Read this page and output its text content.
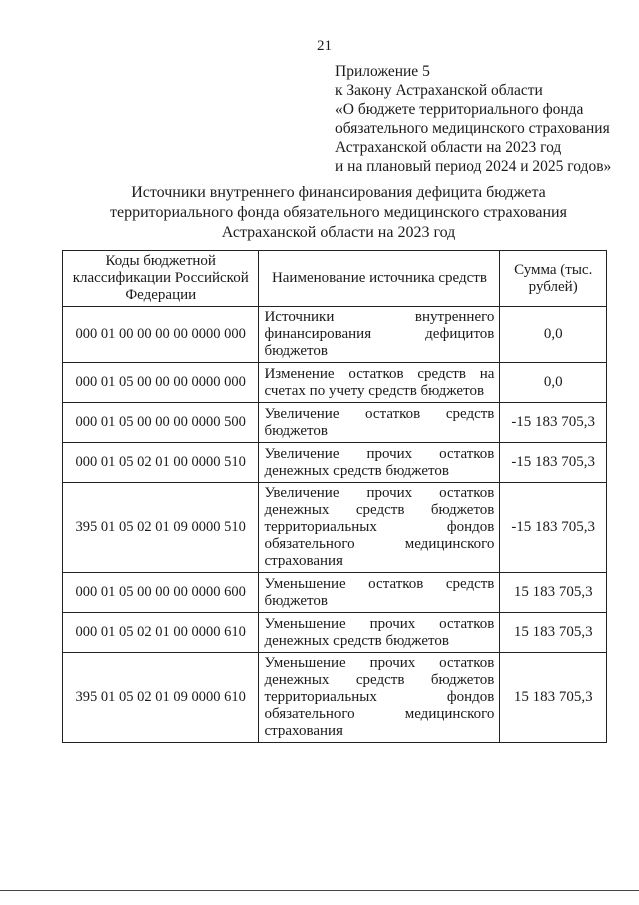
21
Приложение 5
к Закону Астраханской области
«О бюджете территориального фонда
обязательного медицинского страхования
Астраханской области на 2023 год
и на плановый период 2024 и 2025 годов»
Источники внутреннего финансирования дефицита бюджета
территориального фонда обязательного медицинского страхования
Астраханской области на 2023 год
Коды бюджетной классификации Российской Федерации	Наименование источника средств	Сумма (тыс. рублей)
000 01 00 00 00 00 0000 000	Источники внутреннего финансирования дефицитов бюджетов	0,0
000 01 05 00 00 00 0000 000	Изменение остатков средств на счетах по учету средств бюджетов	0,0
000 01 05 00 00 00 0000 500	Увеличение остатков средств бюджетов	-15 183 705,3
000 01 05 02 01 00 0000 510	Увеличение прочих остатков денежных средств бюджетов	-15 183 705,3
395 01 05 02 01 09 0000 510	Увеличение прочих остатков денежных средств бюджетов территориальных фондов обязательного медицинского страхования	-15 183 705,3
000 01 05 00 00 00 0000 600	Уменьшение остатков средств бюджетов	15 183 705,3
000 01 05 02 01 00 0000 610	Уменьшение прочих остатков денежных средств бюджетов	15 183 705,3
395 01 05 02 01 09 0000 610	Уменьшение прочих остатков денежных средств бюджетов территориальных фондов обязательного медицинского страхования	15 183 705,3
